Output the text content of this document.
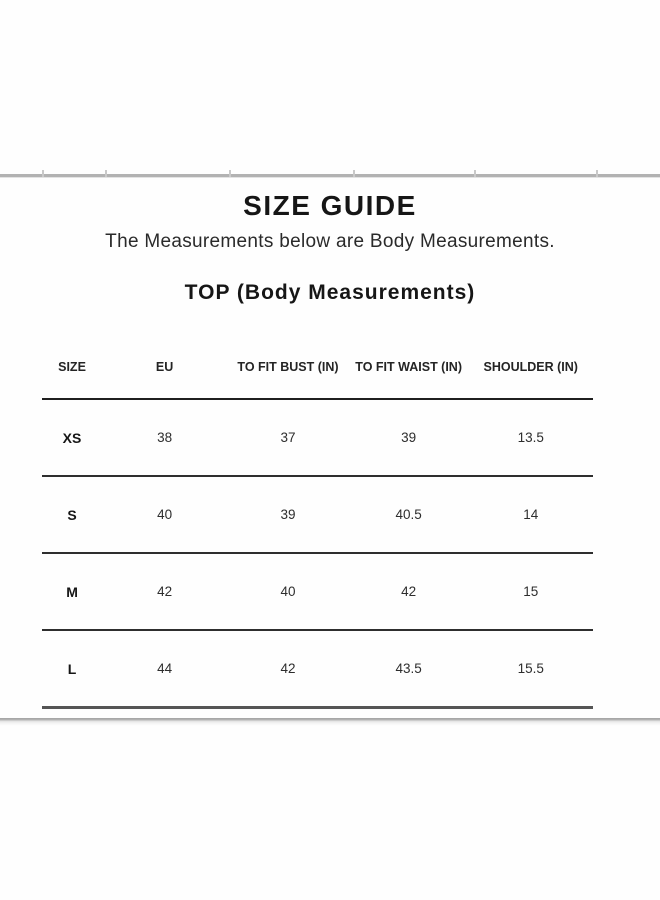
SIZE GUIDE

The Measurements below are Body Measurements.

TOP (Body Measurements)
SIZE	EU	TO FIT BUST (IN)	TO FIT WAIST (IN)	SHOULDER (IN)
XS	38	37	39	13.5
S	40	39	40.5	14
M	42	40	42	15
L	44	42	43.5	15.5
